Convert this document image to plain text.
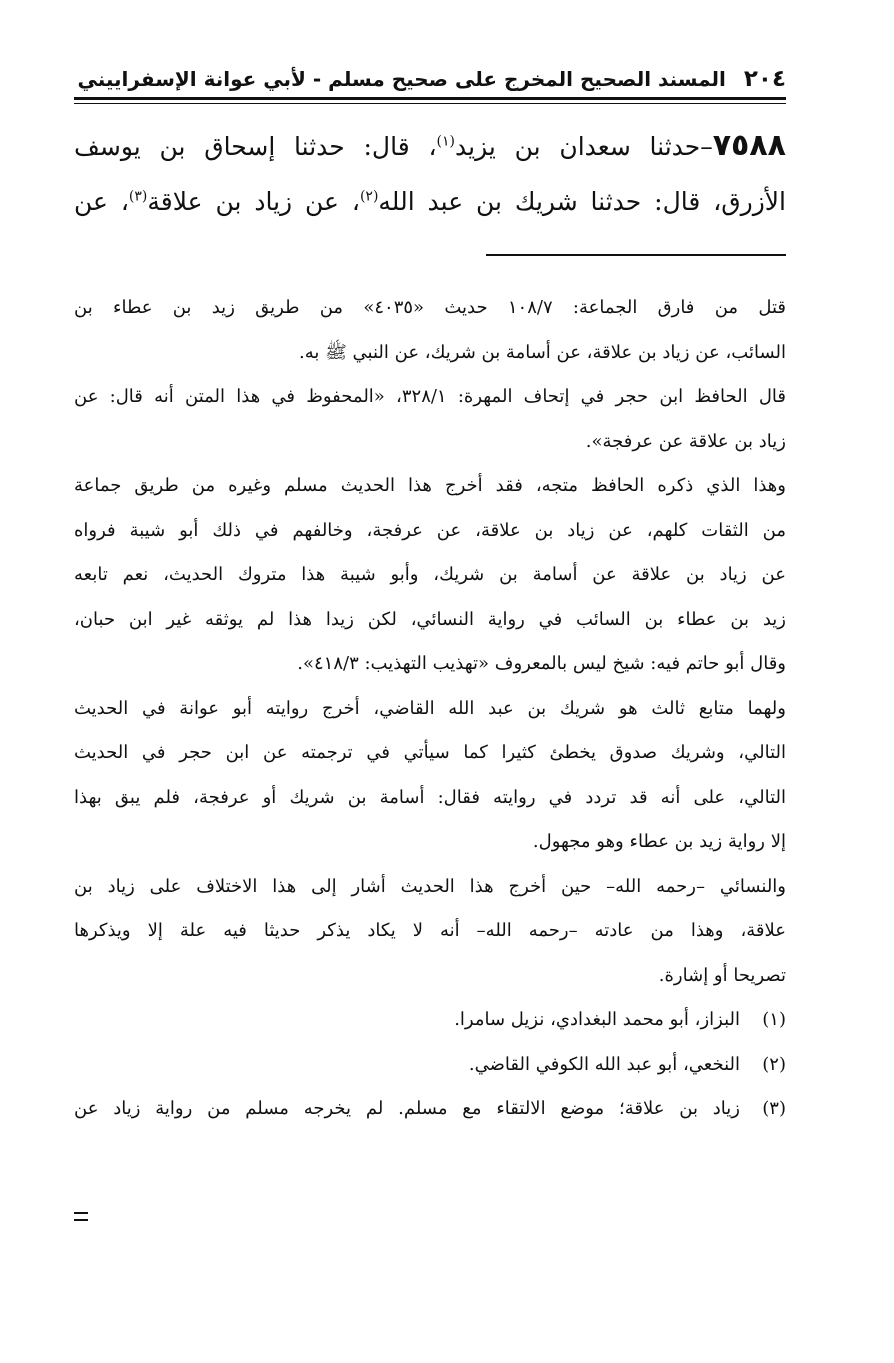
٢٠٤
المسند الصحيح المخرج على صحيح مسلم - لأبي عوانة الإسفراييني
٧٥٨٨–حدثنا سعدان بن يزيد$^{(١)}$، قال: حدثنا إسحاق بن يوسف
الأزرق، قال: حدثنا شريك بن عبد الله$^{(٢)}$، عن زياد بن علاقة$^{(٣)}$، عن
قتل من فارق الجماعة: ١٠٨/٧ حديث «٤٠٣٥» من طريق زيد بن عطاء بن
السائب، عن زياد بن علاقة، عن أسامة بن شريك، عن النبي ﷺ به.
قال الحافظ ابن حجر في إتحاف المهرة: ٣٢٨/١، «المحفوظ في هذا المتن أنه قال: عن
زياد بن علاقة عن عرفجة».
وهذا الذي ذكره الحافظ متجه، فقد أخرج هذا الحديث مسلم وغيره من طريق جماعة
من الثقات كلهم، عن زياد بن علاقة، عن عرفجة، وخالفهم في ذلك أبو شيبة فرواه
عن زياد بن علاقة عن أسامة بن شريك، وأبو شيبة هذا متروك الحديث، نعم تابعه
زيد بن عطاء بن السائب في رواية النسائي، لكن زيدا هذا لم يوثقه غير ابن حبان،
وقال أبو حاتم فيه: شيخ ليس بالمعروف «تهذيب التهذيب: ٤١٨/٣».
ولهما متابع ثالث هو شريك بن عبد الله القاضي، أخرج روايته أبو عوانة في الحديث
التالي، وشريك صدوق يخطئ كثيرا كما سيأتي في ترجمته عن ابن حجر في الحديث
التالي، على أنه قد تردد في روايته فقال: أسامة بن شريك أو عرفجة، فلم يبق بهذا
إلا رواية زيد بن عطاء وهو مجهول.
والنسائي –رحمه الله– حين أخرج هذا الحديث أشار إلى هذا الاختلاف على زياد بن
علاقة، وهذا من عادته –رحمه الله– أنه لا يكاد يذكر حديثا فيه علة إلا ويذكرها
تصريحا أو إشارة.
(١)البزاز، أبو محمد البغدادي، نزيل سامرا.
(٢)النخعي، أبو عبد الله الكوفي القاضي.
(٣)زياد بن علاقة؛ موضع الالتقاء مع مسلم. لم يخرجه مسلم من رواية زياد عن
